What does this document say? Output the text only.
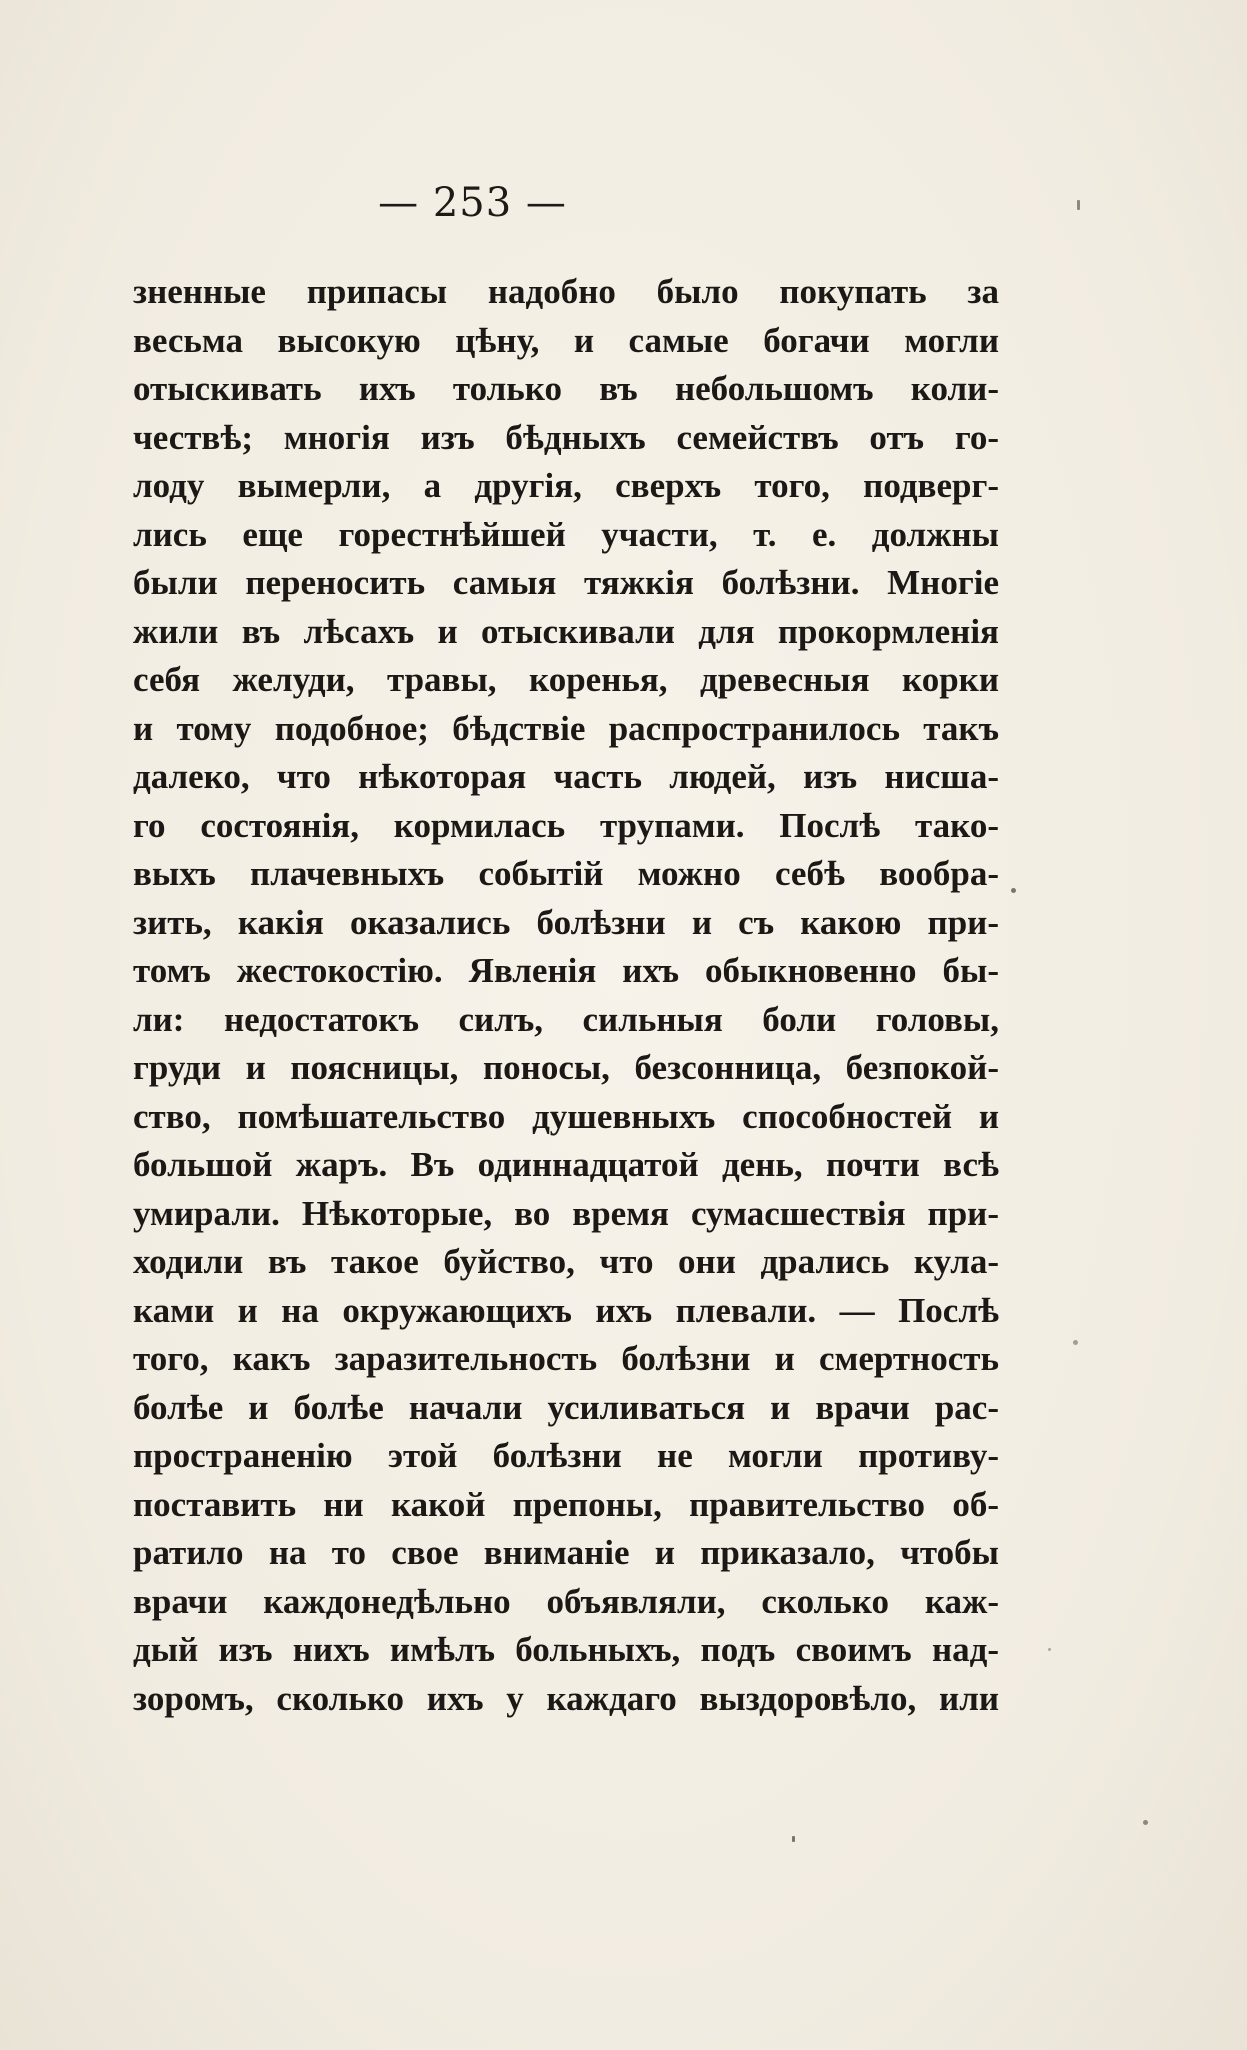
— 253 —
зненные припасы надобно было покупать за
весьма высокую цѣну, и самые богачи могли
отыскивать ихъ только въ небольшомъ коли-
чествѣ; многія изъ бѣдныхъ семействъ отъ го-
лоду вымерли, а другія, сверхъ того, подверг-
лись еще горестнѣйшей участи, т. е. должны
были переносить самыя тяжкія болѣзни. Многіе
жили въ лѣсахъ и отыскивали для прокормленія
себя желуди, травы, коренья, древесныя корки
и тому подобное; бѣдствіе распространилось такъ
далеко, что нѣкоторая часть людей, изъ нисша-
го состоянія, кормилась трупами. Послѣ тако-
выхъ плачевныхъ событій можно себѣ вообра-
зить, какія оказались болѣзни и съ какою при-
томъ жестокостію. Явленія ихъ обыкновенно бы-
ли: недостатокъ силъ, сильныя боли головы,
груди и поясницы, поносы, безсонница, безпокой-
ство, помѣшательство душевныхъ способностей и
большой жаръ. Въ одиннадцатой день, почти всѣ
умирали. Нѣкоторые, во время сумасшествія при-
ходили въ такое буйство, что они дрались кула-
ками и на окружающихъ ихъ плевали. — Послѣ
того, какъ заразительность болѣзни и смертность
болѣе и болѣе начали усиливаться и врачи рас-
пространенію этой болѣзни не могли противу-
поставить ни какой препоны, правительство об-
ратило на то свое вниманіе и приказало, чтобы
врачи каждонедѣльно объявляли, сколько каж-
дый изъ нихъ имѣлъ больныхъ, подъ своимъ над-
зоромъ, сколько ихъ у каждаго выздоровѣло, или
